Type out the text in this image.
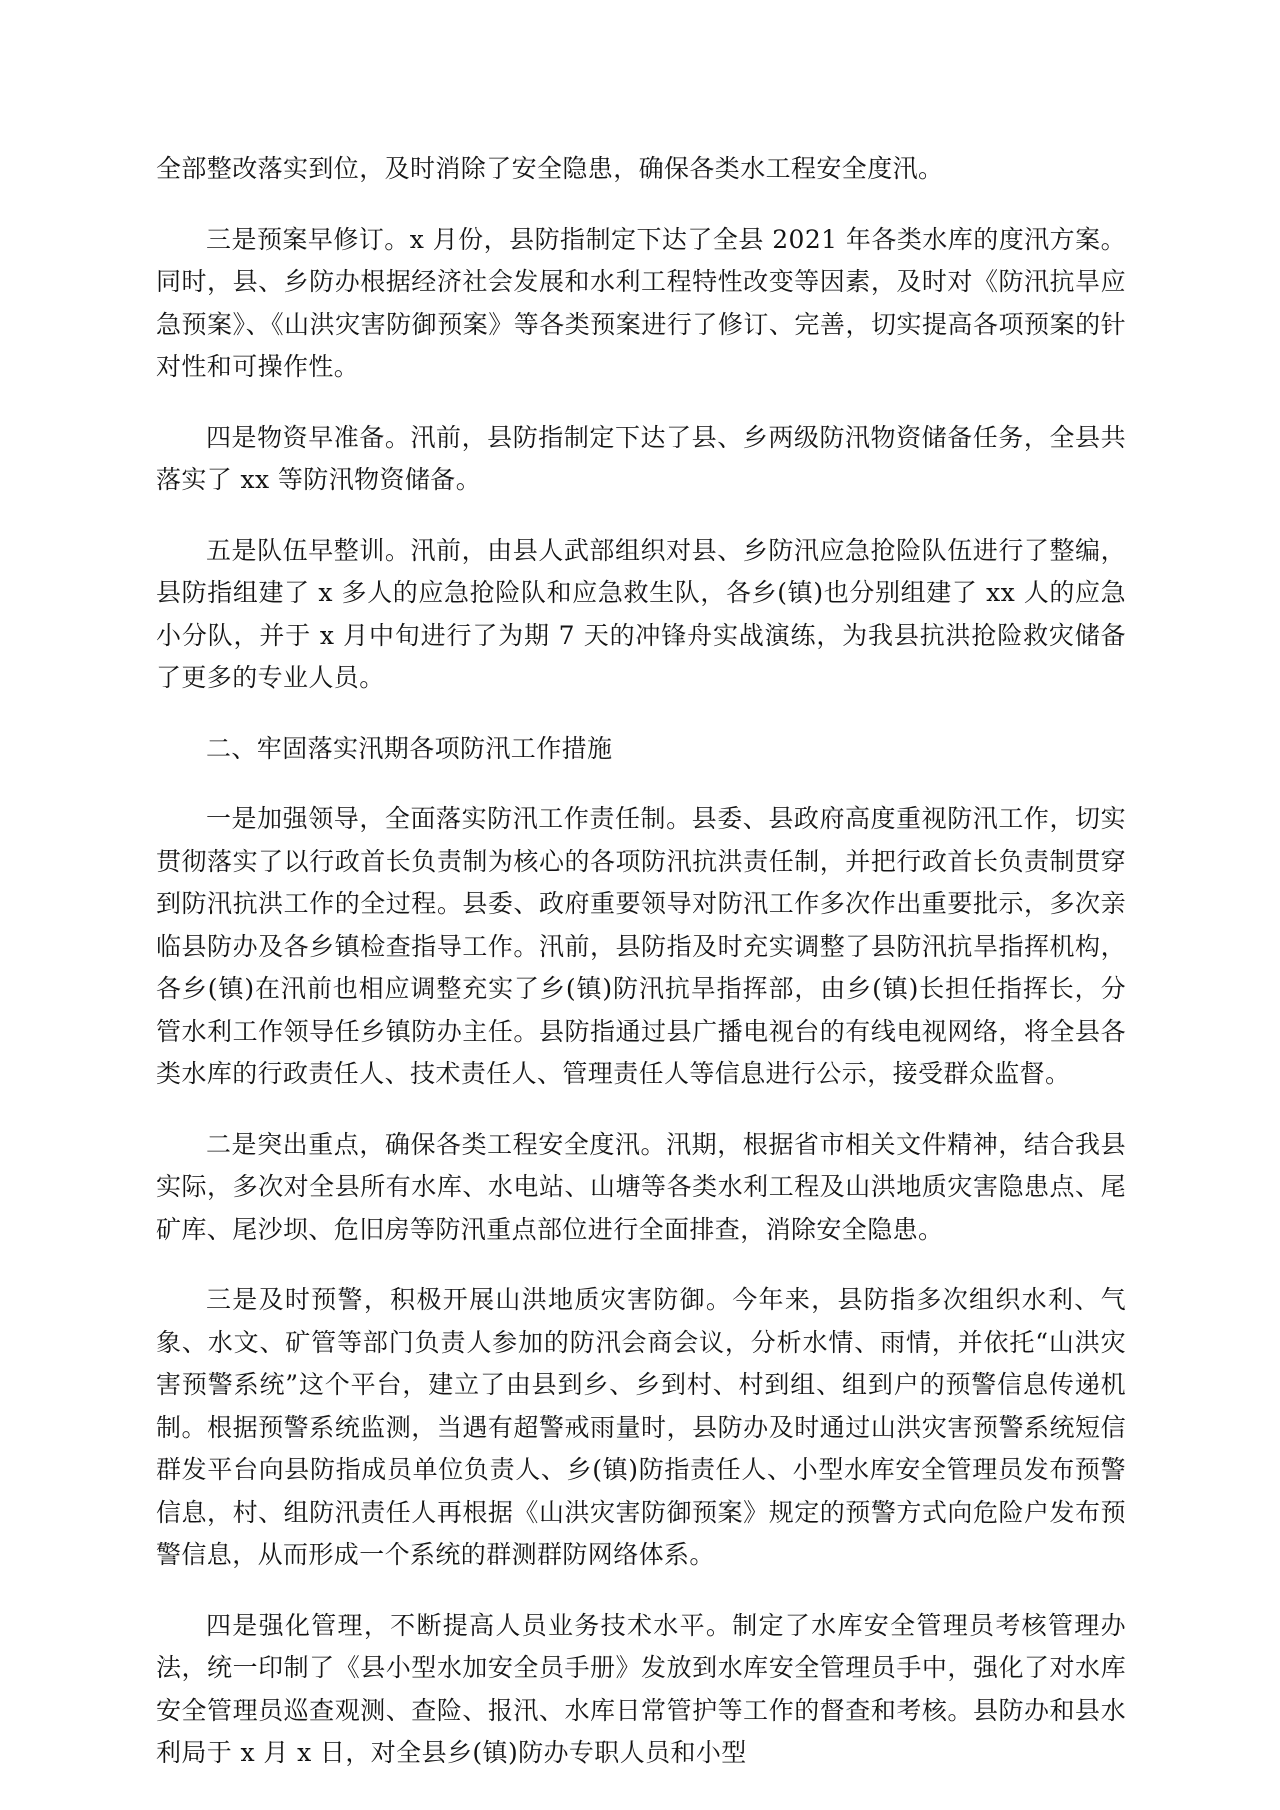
全部整改落实到位，及时消除了安全隐患，确保各类水工程安全度汛。

三是预案早修订。x 月份，县防指制定下达了全县 2021 年各类水库的度汛方案。同时，县、乡防办根据经济社会发展和水利工程特性改变等因素，及时对《防汛抗旱应急预案》、《山洪灾害防御预案》等各类预案进行了修订、完善，切实提高各项预案的针对性和可操作性。

四是物资早准备。汛前，县防指制定下达了县、乡两级防汛物资储备任务，全县共落实了 xx 等防汛物资储备。

五是队伍早整训。汛前，由县人武部组织对县、乡防汛应急抢险队伍进行了整编，县防指组建了 x 多人的应急抢险队和应急救生队，各乡(镇)也分别组建了 xx 人的应急小分队，并于 x 月中旬进行了为期 7 天的冲锋舟实战演练，为我县抗洪抢险救灾储备了更多的专业人员。

二、牢固落实汛期各项防汛工作措施

一是加强领导，全面落实防汛工作责任制。县委、县政府高度重视防汛工作，切实贯彻落实了以行政首长负责制为核心的各项防汛抗洪责任制，并把行政首长负责制贯穿到防汛抗洪工作的全过程。县委、政府重要领导对防汛工作多次作出重要批示，多次亲临县防办及各乡镇检查指导工作。汛前，县防指及时充实调整了县防汛抗旱指挥机构，各乡(镇)在汛前也相应调整充实了乡(镇)防汛抗旱指挥部，由乡(镇)长担任指挥长，分管水利工作领导任乡镇防办主任。县防指通过县广播电视台的有线电视网络，将全县各类水库的行政责任人、技术责任人、管理责任人等信息进行公示，接受群众监督。

二是突出重点，确保各类工程安全度汛。汛期，根据省市相关文件精神，结合我县实际，多次对全县所有水库、水电站、山塘等各类水利工程及山洪地质灾害隐患点、尾矿库、尾沙坝、危旧房等防汛重点部位进行全面排查，消除安全隐患。

三是及时预警，积极开展山洪地质灾害防御。今年来，县防指多次组织水利、气象、水文、矿管等部门负责人参加的防汛会商会议，分析水情、雨情，并依托“山洪灾害预警系统”这个平台，建立了由县到乡、乡到村、村到组、组到户的预警信息传递机制。根据预警系统监测，当遇有超警戒雨量时，县防办及时通过山洪灾害预警系统短信群发平台向县防指成员单位负责人、乡(镇)防指责任人、小型水库安全管理员发布预警信息，村、组防汛责任人再根据《山洪灾害防御预案》规定的预警方式向危险户发布预警信息，从而形成一个系统的群测群防网络体系。

四是强化管理，不断提高人员业务技术水平。制定了水库安全管理员考核管理办法，统一印制了《县小型水加安全员手册》发放到水库安全管理员手中，强化了对水库安全管理员巡查观测、查险、报汛、水库日常管护等工作的督查和考核。县防办和县水利局于 x 月 x 日，对全县乡(镇)防办专职人员和小型
